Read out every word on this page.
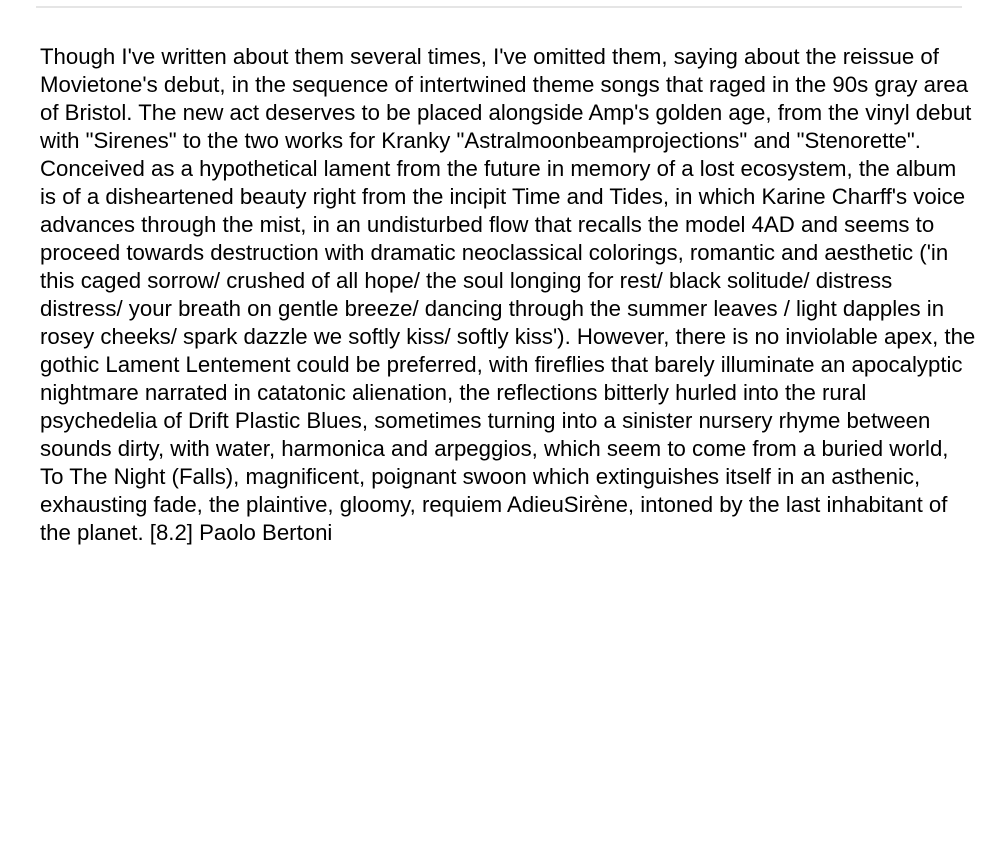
Though I've written about them several times, I've omitted them, saying about the reissue of Movietone's debut, in the sequence of intertwined theme songs that raged in the 90s gray area of Bristol. The new act deserves to be placed alongside Amp's golden age, from the vinyl debut with "Sirenes" to the two works for Kranky "Astralmoonbeamprojections" and "Stenorette". Conceived as a hypothetical lament from the future in memory of a lost ecosystem, the album is of a disheartened beauty right from the incipit Time and Tides, in which Karine Charff's voice advances through the mist, in an undisturbed flow that recalls the model 4AD and seems to proceed towards destruction with dramatic neoclassical colorings, romantic and aesthetic ('in this caged sorrow/ crushed of all hope/ the soul longing for rest/ black solitude/ distress distress/ your breath on gentle breeze/ dancing through the summer leaves / light dapples in rosey cheeks/ spark dazzle we softly kiss/ softly kiss'). However, there is no inviolable apex, the gothic Lament Lentement could be preferred, with fireflies that barely illuminate an apocalyptic nightmare narrated in catatonic alienation, the reflections bitterly hurled into the rural psychedelia of Drift Plastic Blues, sometimes turning into a sinister nursery rhyme between sounds dirty, with water, harmonica and arpeggios, which seem to come from a buried world, To The Night (Falls), magnificent, poignant swoon which extinguishes itself in an asthenic, exhausting fade, the plaintive, gloomy, requiem AdieuSirène, intoned by the last inhabitant of the planet. [8.2] Paolo Bertoni
